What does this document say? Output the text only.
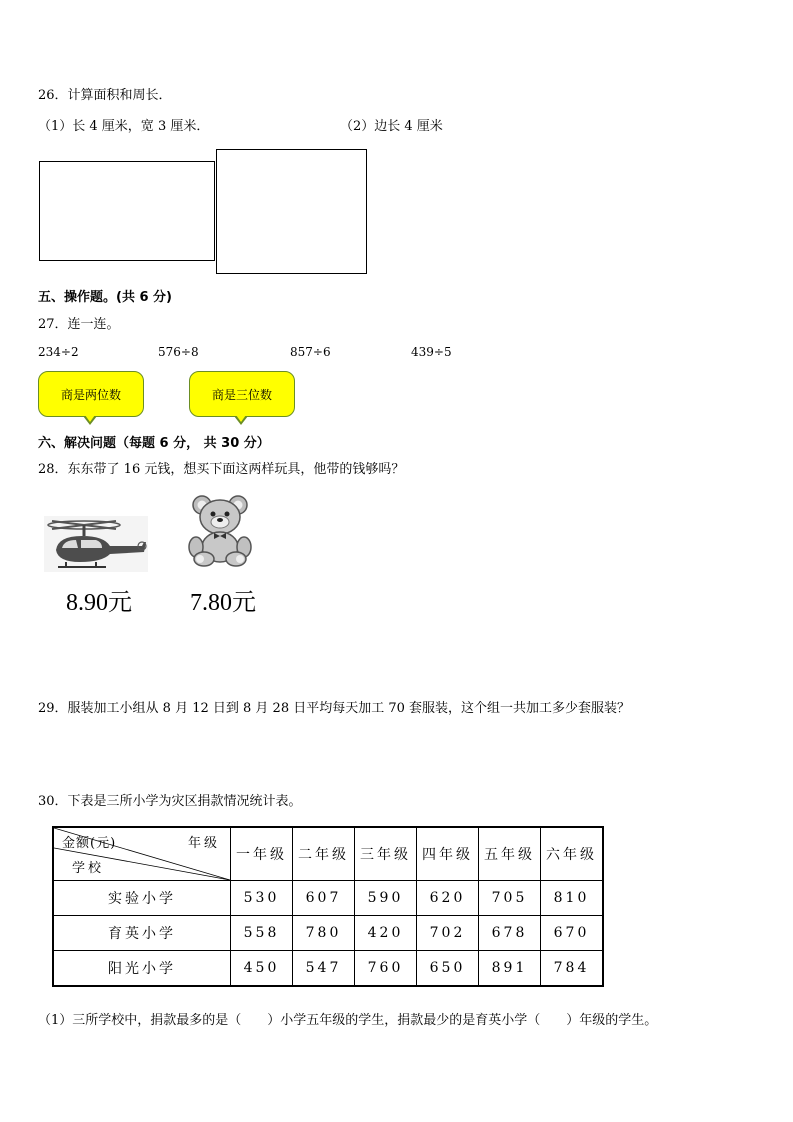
26．计算面积和周长．
（1）长 4 厘米，宽 3 厘米．	（2）边长 4 厘米
五、操作题。(共 6 分)
27．连一连。
234÷2	576÷8	857÷6	439÷5
商是两位数	商是三位数
六、解决问题（每题 6 分， 共 30 分）
28．东东带了 16 元钱，想买下面这两样玩具，他带的钱够吗？
8.90元 7.80元
29．服装加工小组从 8 月 12 日到 8 月 28 日平均每天加工 70 套服装，这个组一共加工多少套服装？
30．下表是三所小学为灾区捐款情况统计表。
金额(元) 年级
学校	一年级	二年级	三年级	四年级	五年级	六年级
实验小学	530	607	590	620	705	810
育英小学	558	780	420	702	678	670
阳光小学	450	547	760	650	891	784
（1）三所学校中，捐款最多的是（　　）小学五年级的学生，捐款最少的是育英小学（　　）年级的学生。
